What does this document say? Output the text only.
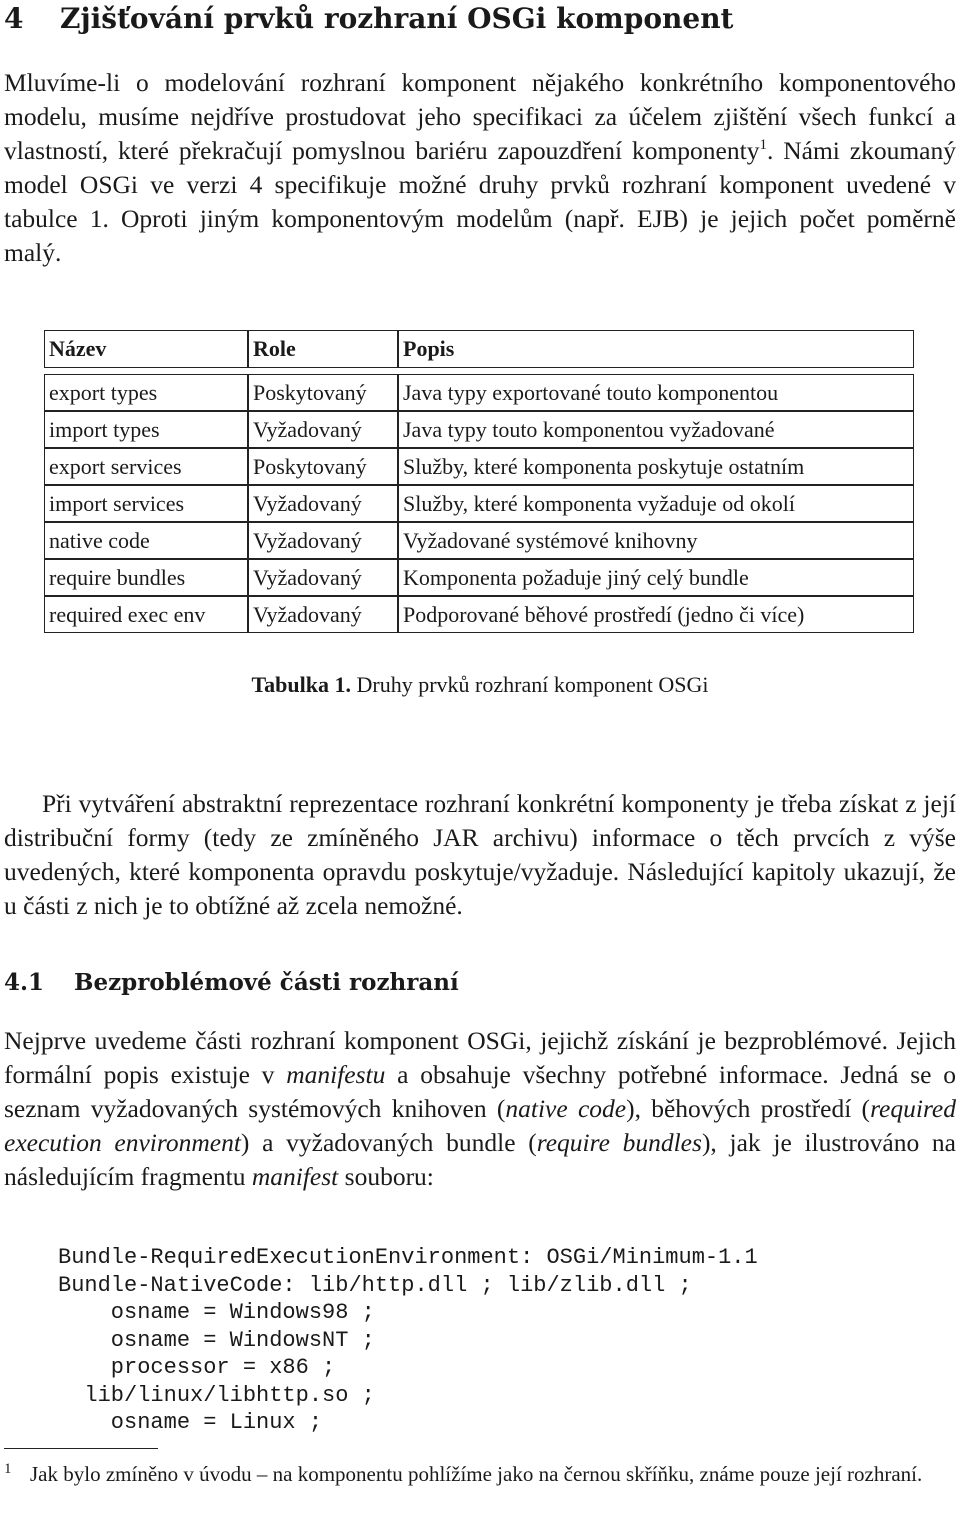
4 Zjišťování prvků rozhraní OSGi komponent

Mluvíme-li o modelování rozhraní komponent nějakého konkrétního komponentového modelu, musíme nejdříve prostudovat jeho specifikaci za účelem zjištění všech funkcí a vlastností, které překračují pomyslnou bariéru zapouzdření komponenty$^1$. Námi zkoumaný model OSGi ve verzi 4 specifikuje možné druhy prvků rozhraní komponent uvedené v tabulce 1. Oproti jiným komponentovým modelům (např. EJB) je jejich počet poměrně malý.

Název	Role	Popis

export types	Poskytovaný	Java typy exportované touto komponentou
import types	Vyžadovaný	Java typy touto komponentou vyžadované
export services	Poskytovaný	Služby, které komponenta poskytuje ostatním
import services	Vyžadovaný	Služby, které komponenta vyžaduje od okolí
native code	Vyžadovaný	Vyžadované systémové knihovny
require bundles	Vyžadovaný	Komponenta požaduje jiný celý bundle
required exec env	Vyžadovaný	Podporované běhové prostředí (jedno či více)

Tabulka 1. Druhy prvků rozhraní komponent OSGi

Při vytváření abstraktní reprezentace rozhraní konkrétní komponenty je třeba získat z její distribuční formy (tedy ze zmíněného JAR archivu) informace o těch prvcích z výše uvedených, které komponenta opravdu poskytuje/vyžaduje. Následující kapitoly ukazují, že u části z nich je to obtížné až zcela nemožné.

4.1 Bezproblémové části rozhraní

Nejprve uvedeme části rozhraní komponent OSGi, jejichž získání je bezproblémové. Jejich formální popis existuje v manifestu a obsahuje všechny potřebné informace. Jedná se o seznam vyžadovaných systémových knihoven (native code), běhových prostředí (required execution environment) a vyžadovaných bundle (require bundles), jak je ilustrováno na následujícím fragmentu manifest souboru:

Bundle-RequiredExecutionEnvironment: OSGi/Minimum-1.1
Bundle-NativeCode: lib/http.dll ; lib/zlib.dll ;
osname = Windows98 ;
osname = WindowsNT ;
processor = x86 ;
lib/linux/libhttp.so ;
osname = Linux ;

1 Jak bylo zmíněno v úvodu – na komponentu pohlížíme jako na černou skříňku, známe pouze její rozhraní.
